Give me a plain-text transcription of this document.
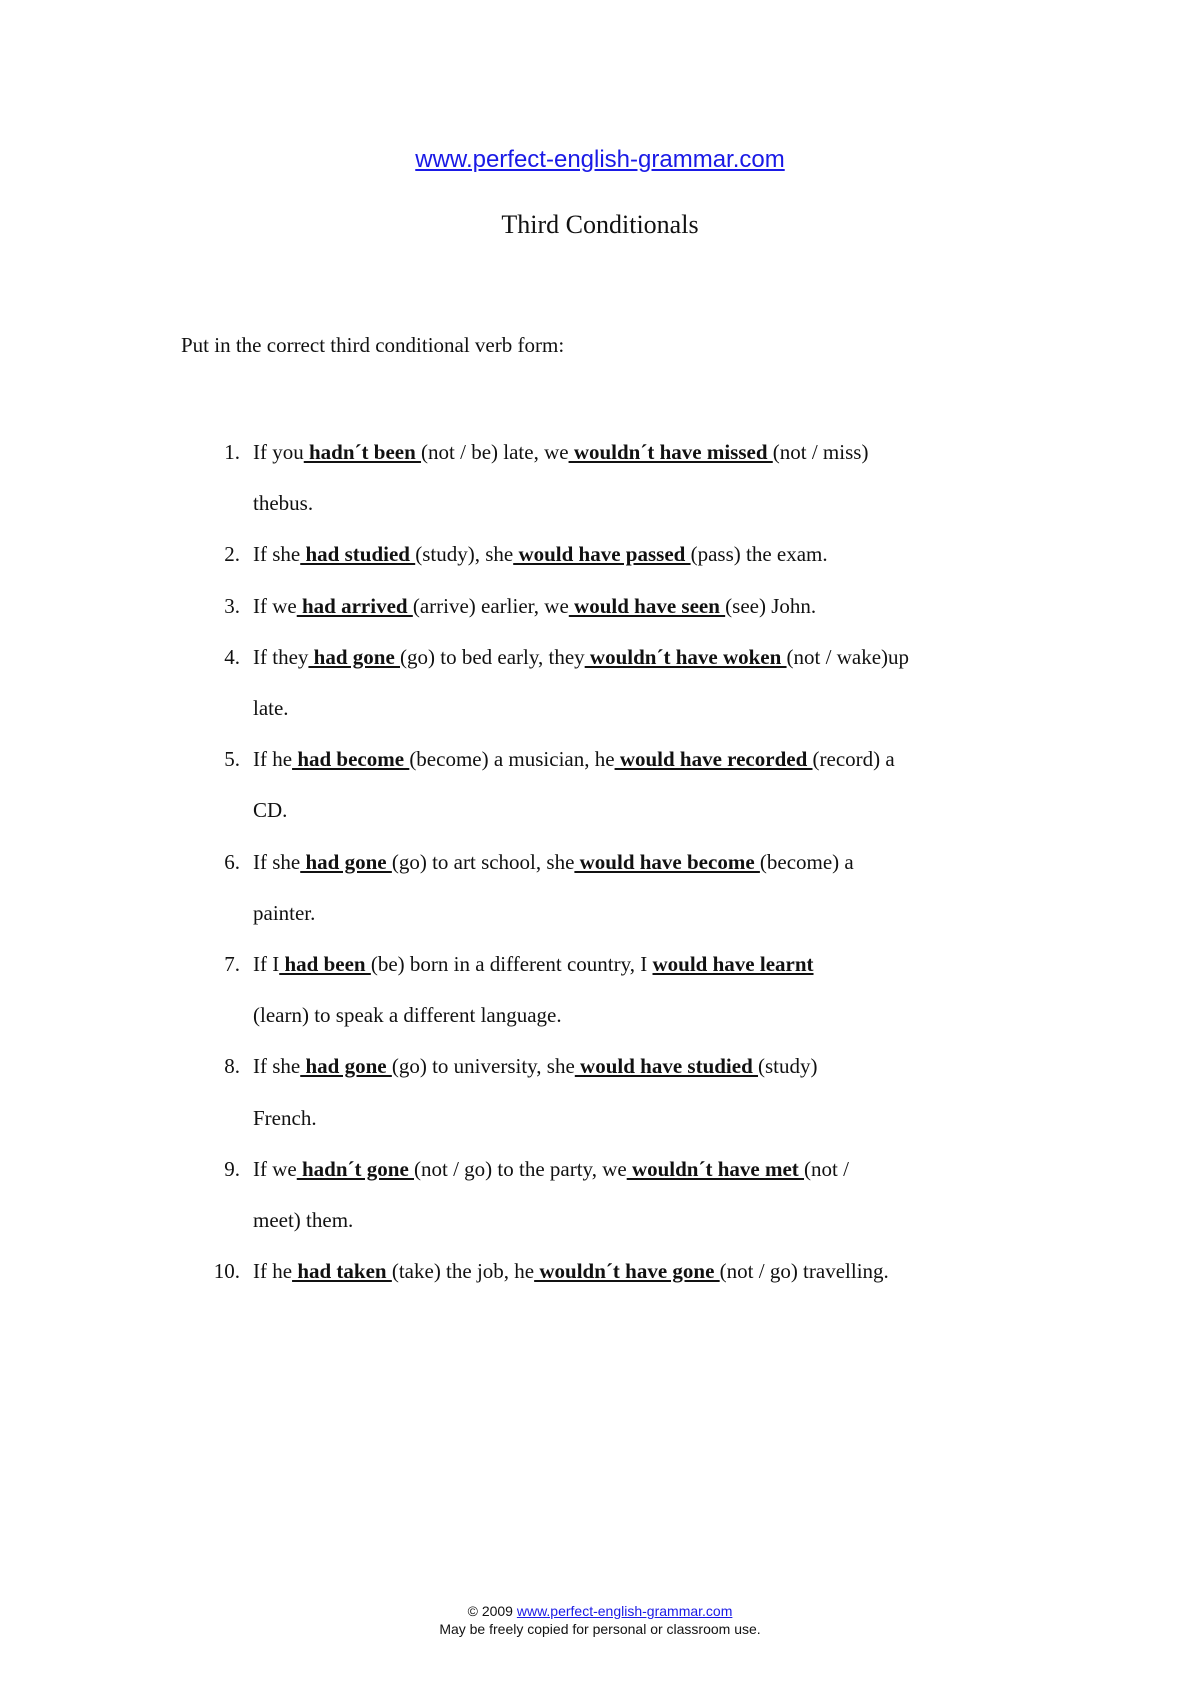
www.perfect-english-grammar.com
Third Conditionals
Put in the correct third conditional verb form:
1. If you hadn´t been (not / be) late, we wouldn´t have missed (not / miss)
thebus.
2. If she had studied (study), she would have passed (pass) the exam.
3. If we had arrived (arrive) earlier, we would have seen (see) John.
4. If they had gone (go) to bed early, they wouldn´t have woken (not / wake)up
late.
5. If he had become (become) a musician, he would have recorded (record) a
CD.
6. If she had gone (go) to art school, she would have become (become) a
painter.
7. If I had been (be) born in a different country, I would have learnt
(learn) to speak a different language.
8. If she had gone (go) to university, she would have studied (study)
French.
9. If we hadn´t gone (not / go) to the party, we wouldn´t have met (not /
meet) them.
10. If he had taken (take) the job, he wouldn´t have gone (not / go) travelling.
© 2009 www.perfect-english-grammar.com
May be freely copied for personal or classroom use.
